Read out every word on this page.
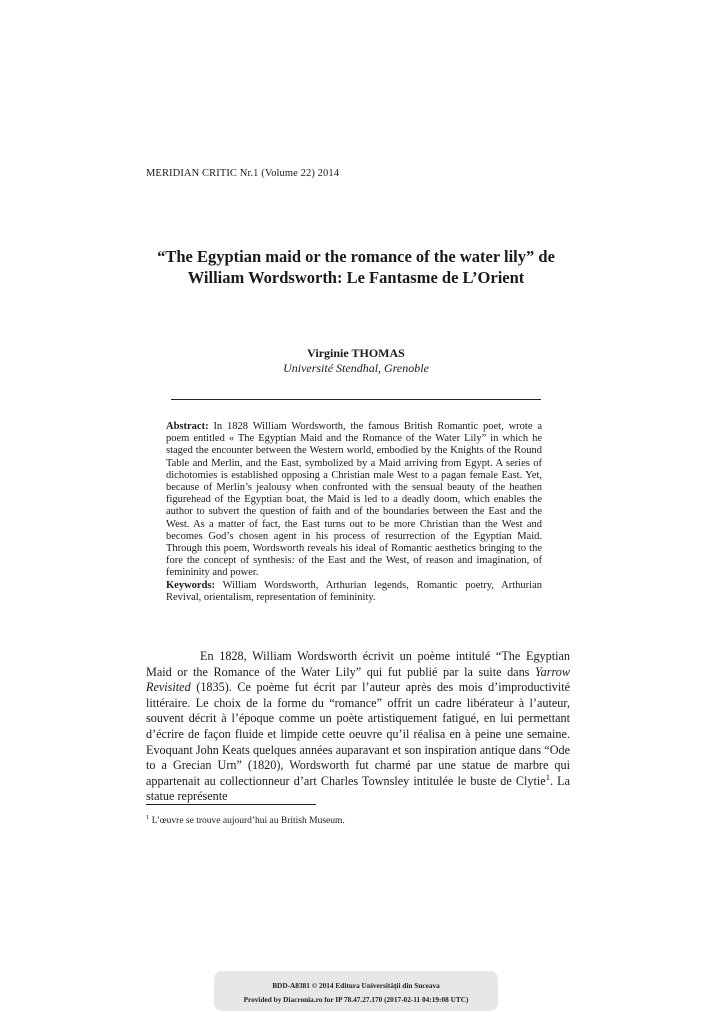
MERIDIAN CRITIC Nr.1 (Volume 22) 2014
“The Egyptian maid or the romance of the water lily” de
William Wordsworth: Le Fantasme de L’Orient
Virginie THOMAS
Université Stendhal, Grenoble

Abstract: In 1828 William Wordsworth, the famous British Romantic poet, wrote a poem entitled « The Egyptian Maid and the Romance of the Water Lily” in which he staged the encounter between the Western world, embodied by the Knights of the Round Table and Merlin, and the East, symbolized by a Maid arriving from Egypt. A series of dichotomies is established opposing a Christian male West to a pagan female East. Yet, because of Merlin’s jealousy when confronted with the sensual beauty of the heathen figurehead of the Egyptian boat, the Maid is led to a deadly doom, which enables the author to subvert the question of faith and of the boundaries between the East and the West. As a matter of fact, the East turns out to be more Christian than the West and becomes God’s chosen agent in his process of resurrection of the Egyptian Maid. Through this poem, Wordsworth reveals his ideal of Romantic aesthetics bringing to the fore the concept of synthesis: of the East and the West, of reason and imagination, of femininity and power.

Keywords: William Wordsworth, Arthurian legends, Romantic poetry, Arthurian Revival, orientalism, representation of femininity.

En 1828, William Wordsworth écrivit un poème intitulé “The Egyptian Maid or the Romance of the Water Lily” qui fut publié par la suite dans Yarrow Revisited (1835). Ce poème fut écrit par l’auteur après des mois d’improductivité littéraire. Le choix de la forme du “romance” offrit un cadre libérateur à l’auteur, souvent décrit à l’époque comme un poète artistiquement fatigué, en lui permettant d’écrire de façon fluide et limpide cette oeuvre qu’il réalisa en à peine une semaine. Evoquant John Keats quelques années auparavant et son inspiration antique dans “Ode to a Grecian Urn” (1820), Wordsworth fut charmé par une statue de marbre qui appartenait au collectionneur d’art Charles Townsley intitulée le buste de Clytie$^1$. La statue représente

$^1$ L’œuvre se trouve aujourd’hui au British Museum.
BDD-A8381 © 2014 Editura Universității din Suceava
Provided by Diacronia.ro for IP 78.47.27.170 (2017-02-11 04:19:08 UTC)
